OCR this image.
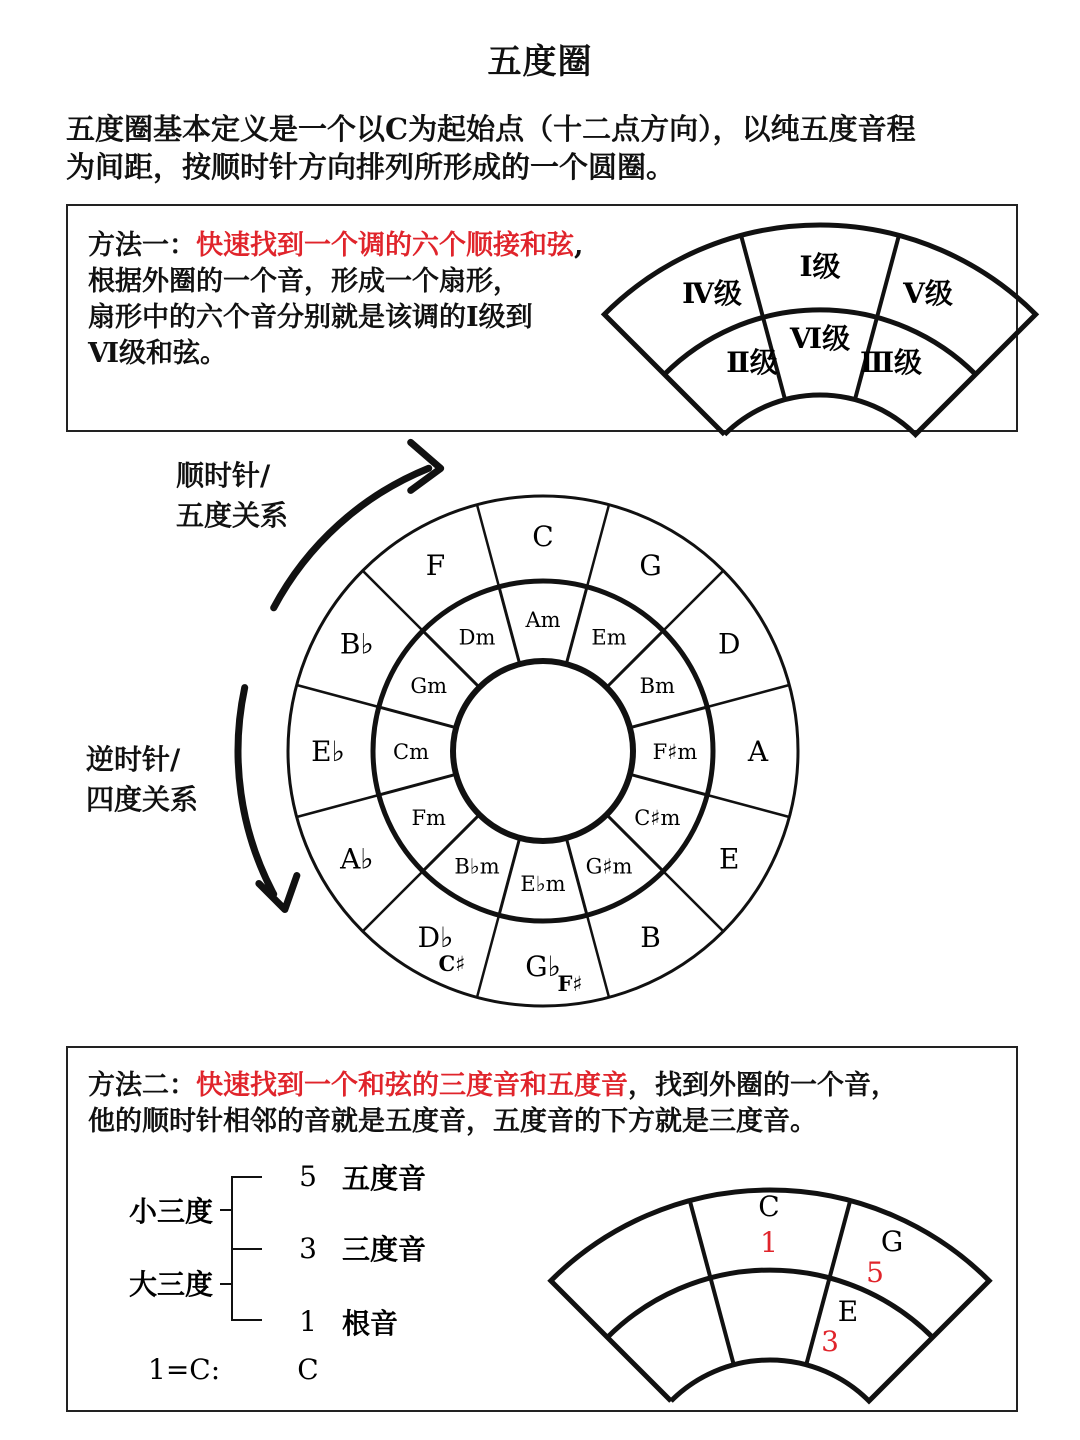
五度圈
五度圈基本定义是一个以C为起始点（十二点方向），以纯五度音程
为间距，按顺时针方向排列所形成的一个圆圈。
方法一：快速找到一个调的六个顺接和弦,
根据外圈的一个音，形成一个扇形，
扇形中的六个音分别就是该调的Ⅰ级到
Ⅵ级和弦。
方法二：快速找到一个和弦的三度音和五度音，找到外圈的一个音，
他的顺时针相邻的音就是五度音，五度音的下方就是三度音。
顺时针/
五度关系
逆时针/
四度关系
Ⅳ级
Ⅰ级
Ⅴ级
Ⅱ级
Ⅵ级
Ⅲ级
C
G
D
A
E
B
G♭
D♭
A♭
E♭
B♭
F
Am
Em
Bm
F♯m
C♯m
G♯m
E♭m
B♭m
Fm
Cm
Gm
Dm
C♯
F♯
小三度
大三度
5 五度音
3 三度音
1 根音
1=C:	C
C
1	G
5
E
3
